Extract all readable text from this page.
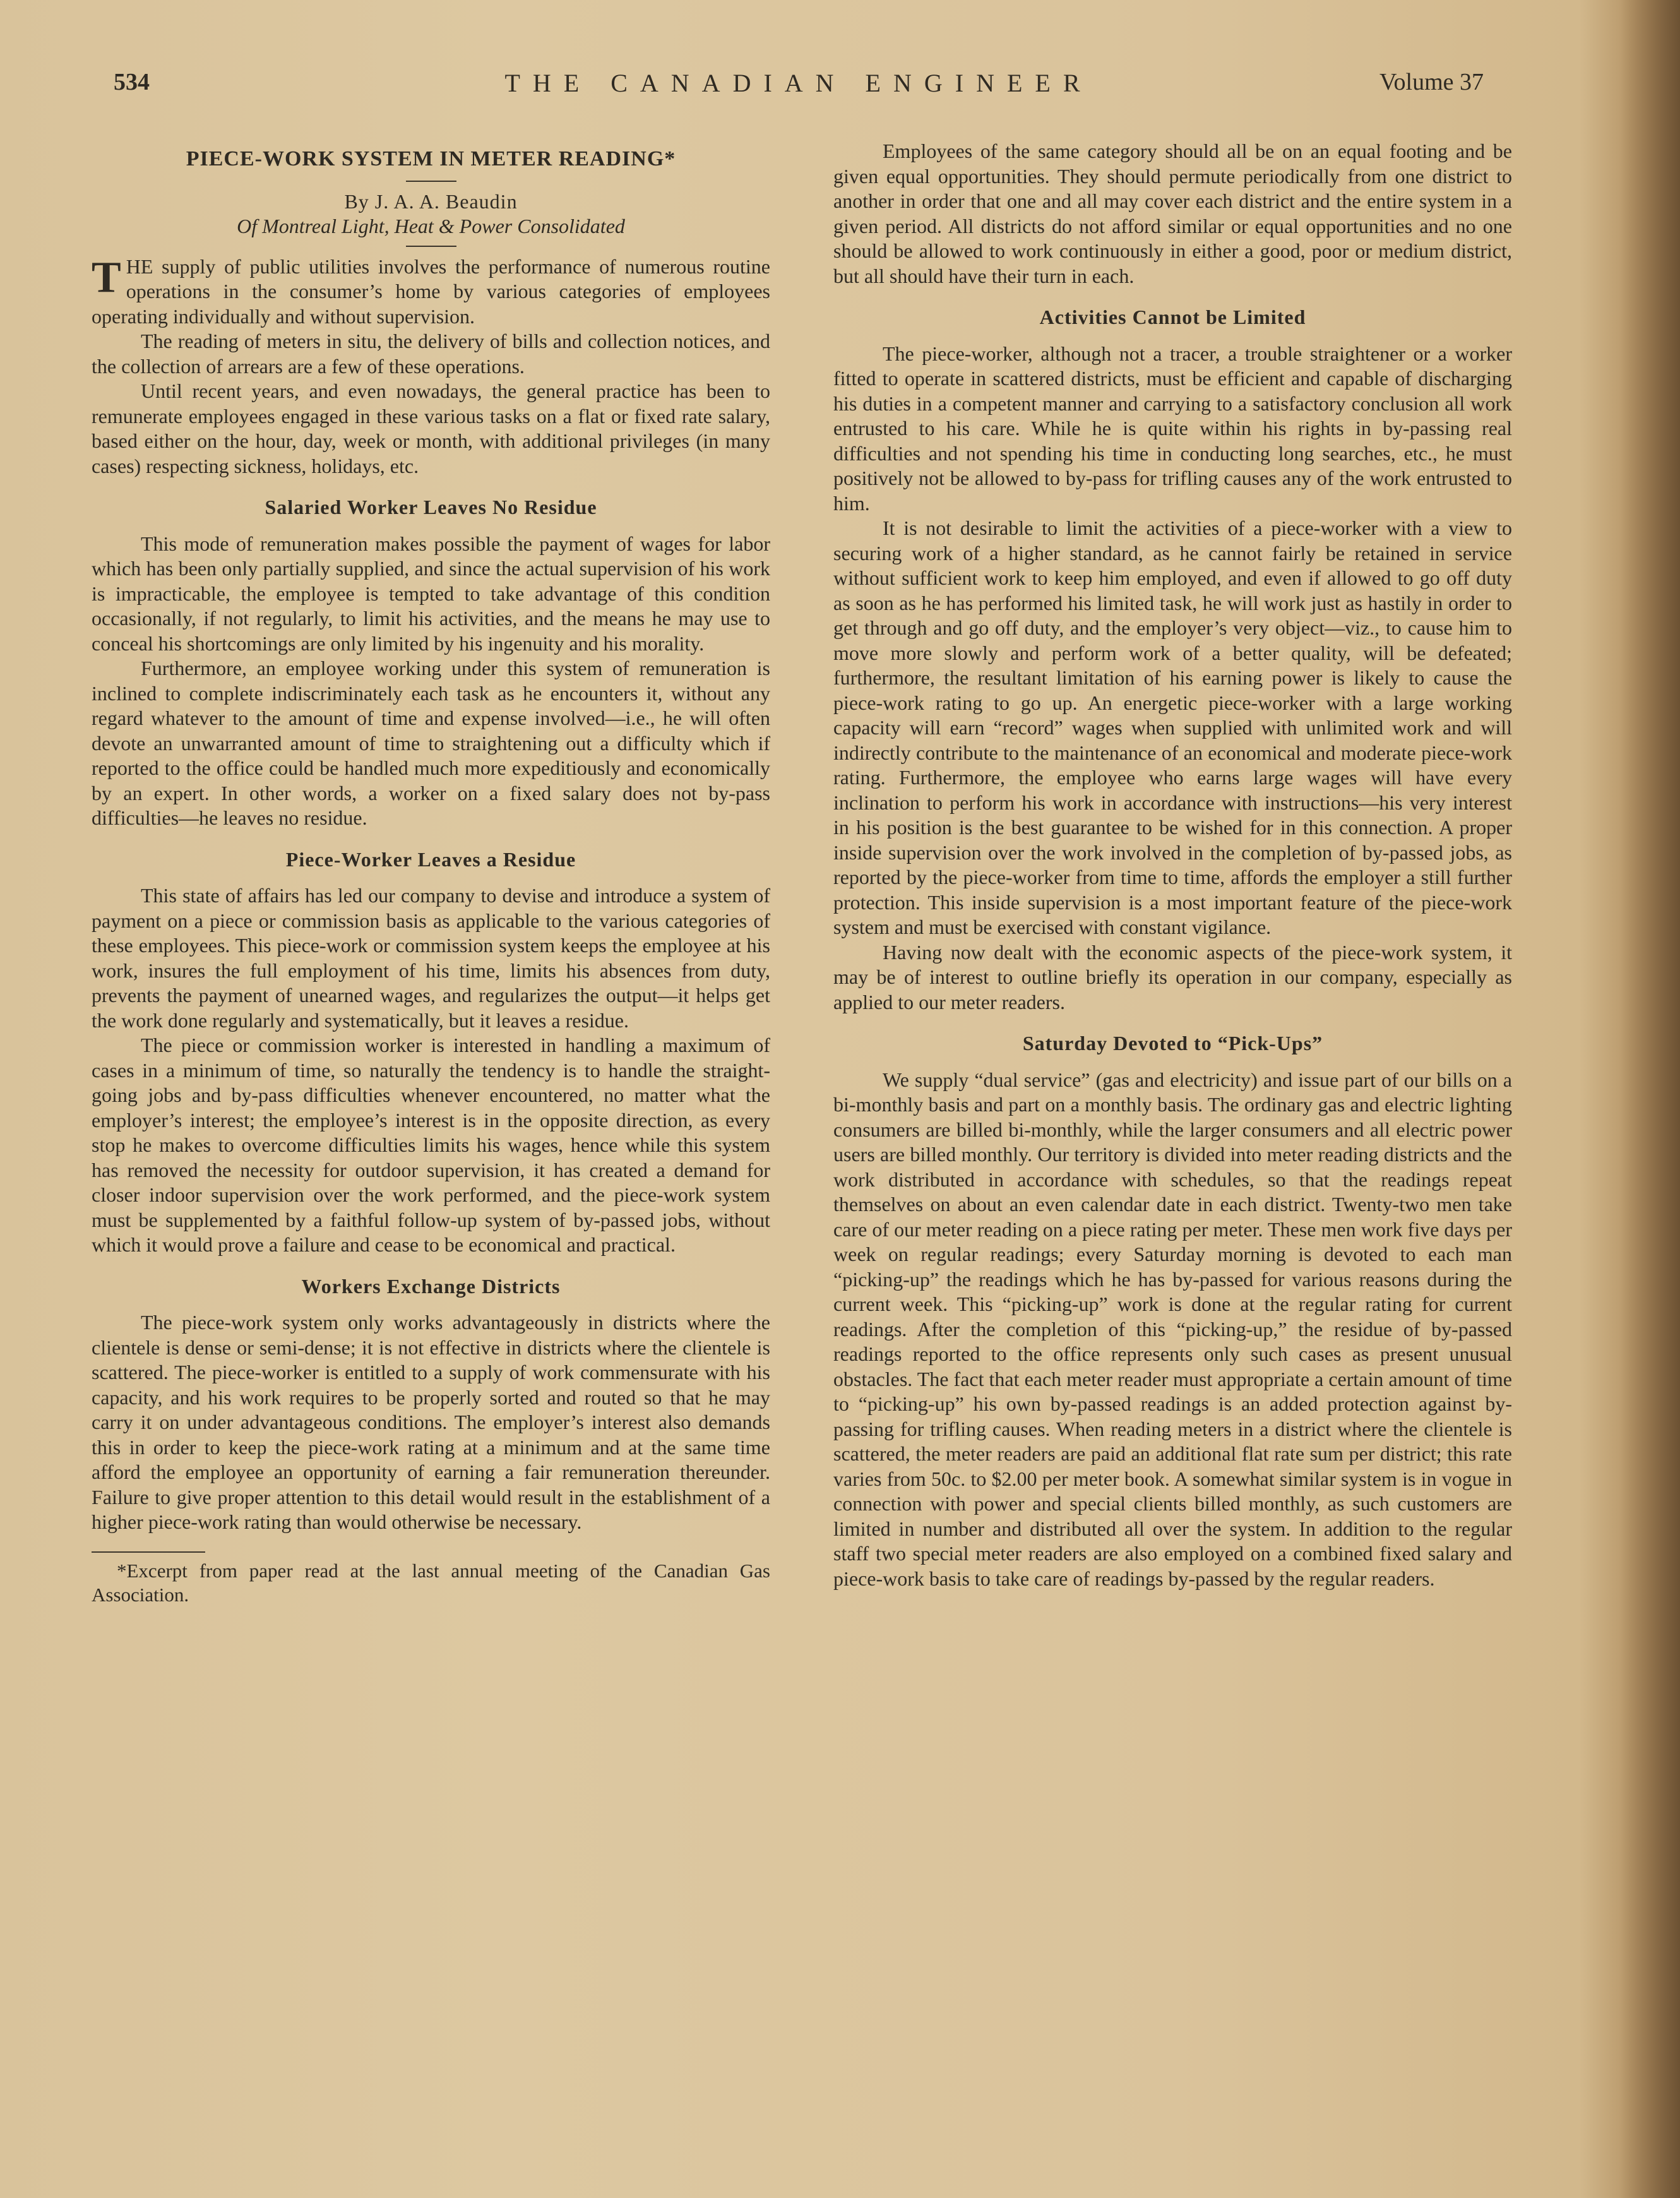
534	THE CANADIAN ENGINEER	Volume 37
PIECE-WORK SYSTEM IN METER READING*
By J. A. A. Beaudin
Of Montreal Light, Heat & Power Consolidated

THE supply of public utilities involves the performance of numerous routine operations in the consumer’s home by various categories of employees operating individually and without supervision.

The reading of meters in situ, the delivery of bills and collection notices, and the collection of arrears are a few of these operations.

Until recent years, and even nowadays, the general practice has been to remunerate employees engaged in these various tasks on a flat or fixed rate salary, based either on the hour, day, week or month, with additional privileges (in many cases) respecting sickness, holidays, etc.

Salaried Worker Leaves No Residue

This mode of remuneration makes possible the payment of wages for labor which has been only partially supplied, and since the actual supervision of his work is impracticable, the employee is tempted to take advantage of this condition occasionally, if not regularly, to limit his activities, and the means he may use to conceal his shortcomings are only limited by his ingenuity and his morality.

Furthermore, an employee working under this system of remuneration is inclined to complete indiscriminately each task as he encounters it, without any regard whatever to the amount of time and expense involved—i.e., he will often devote an unwarranted amount of time to straightening out a difficulty which if reported to the office could be handled much more expeditiously and economically by an expert. In other words, a worker on a fixed salary does not by-pass difficulties—he leaves no residue.

Piece-Worker Leaves a Residue

This state of affairs has led our company to devise and introduce a system of payment on a piece or commission basis as applicable to the various categories of these employees. This piece-work or commission system keeps the employee at his work, insures the full employment of his time, limits his absences from duty, prevents the payment of unearned wages, and regularizes the output—it helps get the work done regularly and systematically, but it leaves a residue.

The piece or commission worker is interested in handling a maximum of cases in a minimum of time, so naturally the tendency is to handle the straight-going jobs and by-pass difficulties whenever encountered, no matter what the employer’s interest; the employee’s interest is in the opposite direction, as every stop he makes to overcome difficulties limits his wages, hence while this system has removed the necessity for outdoor supervision, it has created a demand for closer indoor supervision over the work performed, and the piece-work system must be supplemented by a faithful follow-up system of by-passed jobs, without which it would prove a failure and cease to be economical and practical.

Workers Exchange Districts

The piece-work system only works advantageously in districts where the clientele is dense or semi-dense; it is not effective in districts where the clientele is scattered. The piece-worker is entitled to a supply of work commensurate with his capacity, and his work requires to be properly sorted and routed so that he may carry it on under advantageous conditions. The employer’s interest also demands this in order to keep the piece-work rating at a minimum and at the same time afford the employee an opportunity of earning a fair remuneration thereunder. Failure to give proper attention to this detail would result in the establishment of a higher piece-work rating than would otherwise be necessary.

*Excerpt from paper read at the last annual meeting of the Canadian Gas Association.

Employees of the same category should all be on an equal footing and be given equal opportunities. They should permute periodically from one district to another in order that one and all may cover each district and the entire system in a given period. All districts do not afford similar or equal opportunities and no one should be allowed to work continuously in either a good, poor or medium district, but all should have their turn in each.

Activities Cannot be Limited

The piece-worker, although not a tracer, a trouble straightener or a worker fitted to operate in scattered districts, must be efficient and capable of discharging his duties in a competent manner and carrying to a satisfactory conclusion all work entrusted to his care. While he is quite within his rights in by-passing real difficulties and not spending his time in conducting long searches, etc., he must positively not be allowed to by-pass for trifling causes any of the work entrusted to him.

It is not desirable to limit the activities of a piece-worker with a view to securing work of a higher standard, as he cannot fairly be retained in service without sufficient work to keep him employed, and even if allowed to go off duty as soon as he has performed his limited task, he will work just as hastily in order to get through and go off duty, and the employer’s very object—viz., to cause him to move more slowly and perform work of a better quality, will be defeated; furthermore, the resultant limitation of his earning power is likely to cause the piece-work rating to go up. An energetic piece-worker with a large working capacity will earn “record” wages when supplied with unlimited work and will indirectly contribute to the maintenance of an economical and moderate piece-work rating. Furthermore, the employee who earns large wages will have every inclination to perform his work in accordance with instructions—his very interest in his position is the best guarantee to be wished for in this connection. A proper inside supervision over the work involved in the completion of by-passed jobs, as reported by the piece-worker from time to time, affords the employer a still further protection. This inside supervision is a most important feature of the piece-work system and must be exercised with constant vigilance.

Having now dealt with the economic aspects of the piece-work system, it may be of interest to outline briefly its operation in our company, especially as applied to our meter readers.

Saturday Devoted to “Pick-Ups”

We supply “dual service” (gas and electricity) and issue part of our bills on a bi-monthly basis and part on a monthly basis. The ordinary gas and electric lighting consumers are billed bi-monthly, while the larger consumers and all electric power users are billed monthly. Our territory is divided into meter reading districts and the work distributed in accordance with schedules, so that the readings repeat themselves on about an even calendar date in each district. Twenty-two men take care of our meter reading on a piece rating per meter. These men work five days per week on regular readings; every Saturday morning is devoted to each man “picking-up” the readings which he has by-passed for various reasons during the current week. This “picking-up” work is done at the regular rating for current readings. After the completion of this “picking-up,” the residue of by-passed readings reported to the office represents only such cases as present unusual obstacles. The fact that each meter reader must appropriate a certain amount of time to “picking-up” his own by-passed readings is an added protection against by-passing for trifling causes. When reading meters in a district where the clientele is scattered, the meter readers are paid an additional flat rate sum per district; this rate varies from 50c. to $2.00 per meter book. A somewhat similar system is in vogue in connection with power and special clients billed monthly, as such customers are limited in number and distributed all over the system. In addition to the regular staff two special meter readers are also employed on a combined fixed salary and piece-work basis to take care of readings by-passed by the regular readers.
